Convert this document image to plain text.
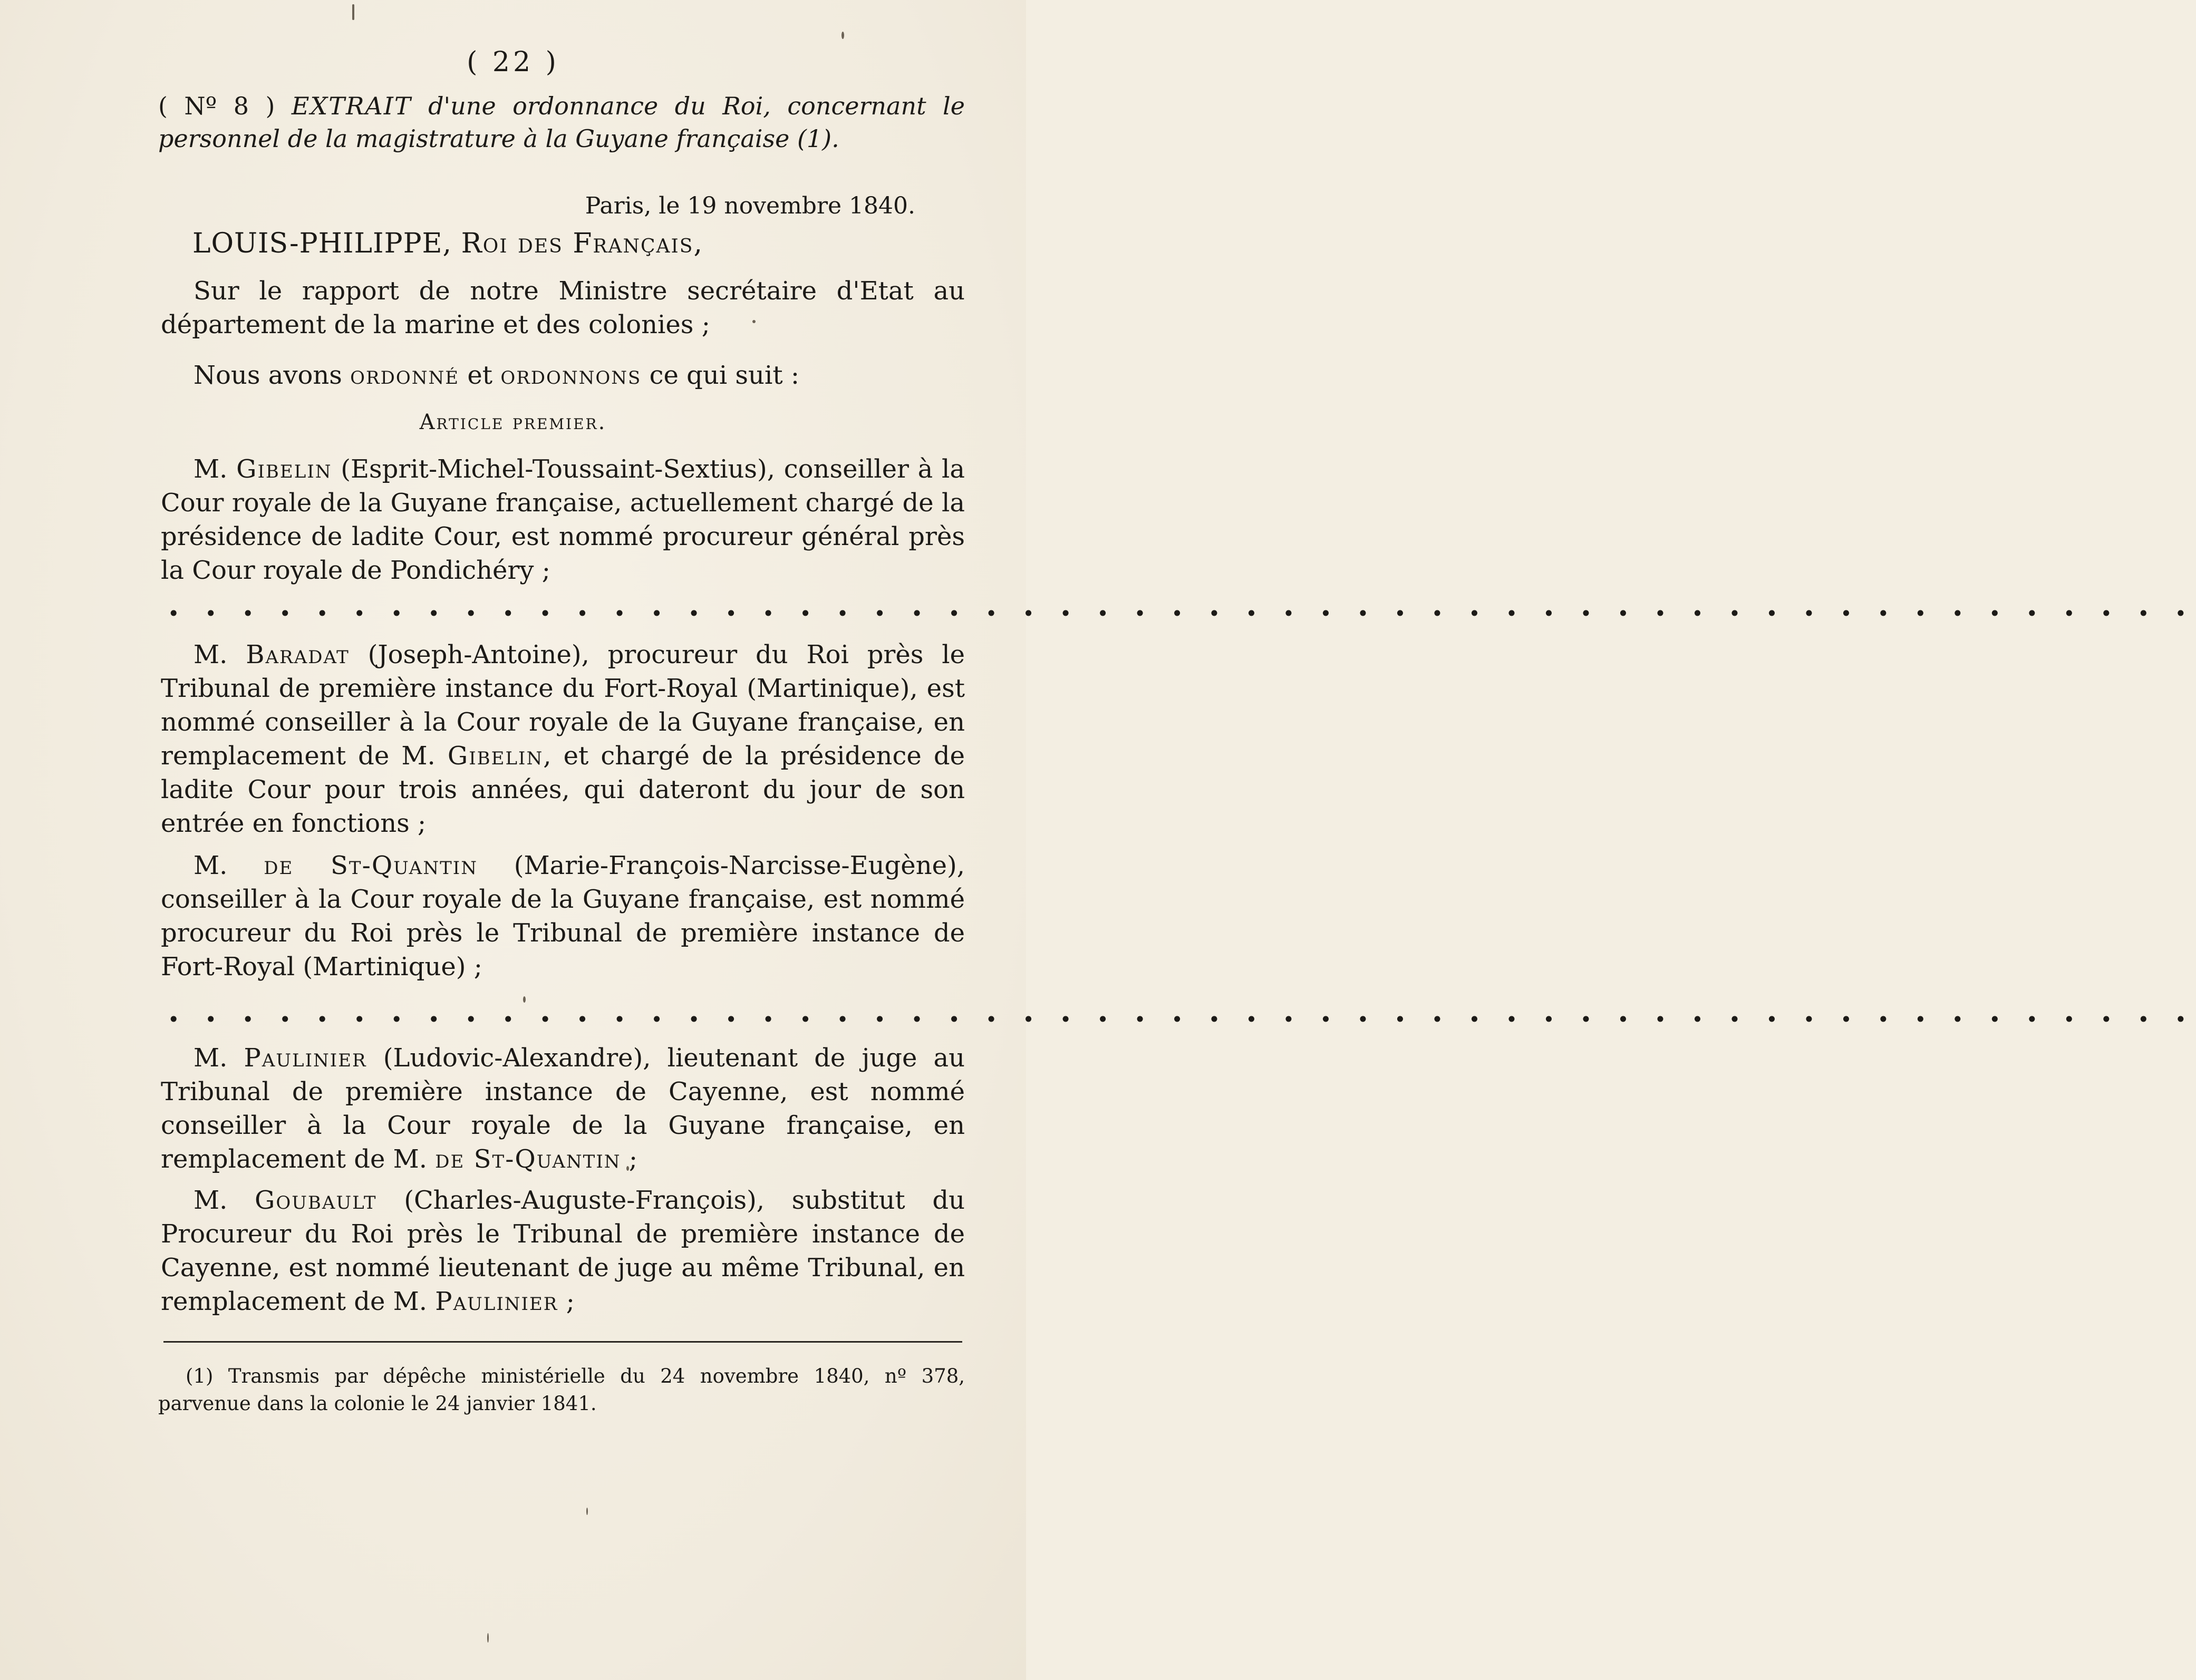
( 22 )
( Nº 8 ) EXTRAIT d'une ordonnance du Roi, concernant le personnel de la magistrature à la Guyane française (1).
Paris, le 19 novembre 1840.
LOUIS-PHILIPPE, Roi des Français,

Sur le rapport de notre Ministre secrétaire d'Etat au département de la marine et des colonies ;

Nous avons ordonné et ordonnons ce qui suit :

Article premier.

M. Gibelin (Esprit-Michel-Toussaint-Sextius), conseiller à la Cour royale de la Guyane française, actuellement chargé de la présidence de ladite Cour, est nommé procureur général près la Cour royale de Pondichéry ;

• • • • • • • • • • • • • • • • • • • • • • • • • • • • • • • • • • • • • • • • • • • • • • • • • • • • • • •

M. Baradat (Joseph-Antoine), procureur du Roi près le Tribunal de première instance du Fort-Royal (Martinique), est nommé conseiller à la Cour royale de la Guyane française, en remplacement de M. Gibelin, et chargé de la présidence de ladite Cour pour trois années, qui dateront du jour de son entrée en fonctions ;

M. de St-Quantin (Marie-François-Narcisse-Eugène), conseiller à la Cour royale de la Guyane française, est nommé procureur du Roi près le Tribunal de première instance de Fort-Royal (Martinique) ;

• • • • • • • • • • • • • • • • • • • • • • • • • • • • • • • • • • • • • • • • • • • • • • • • • • • • • • •

M. Paulinier (Ludovic-Alexandre), lieutenant de juge au Tribunal de première instance de Cayenne, est nommé conseiller à la Cour royale de la Guyane française, en remplacement de M. de St-Quantin ;

M. Goubault (Charles-Auguste-François), substitut du Procureur du Roi près le Tribunal de première instance de Cayenne, est nommé lieutenant de juge au même Tribunal, en remplacement de M. Paulinier ;

(1) Transmis par dépêche ministérielle du 24 novembre 1840, nº 378, parvenue dans la colonie le 24 janvier 1841.
